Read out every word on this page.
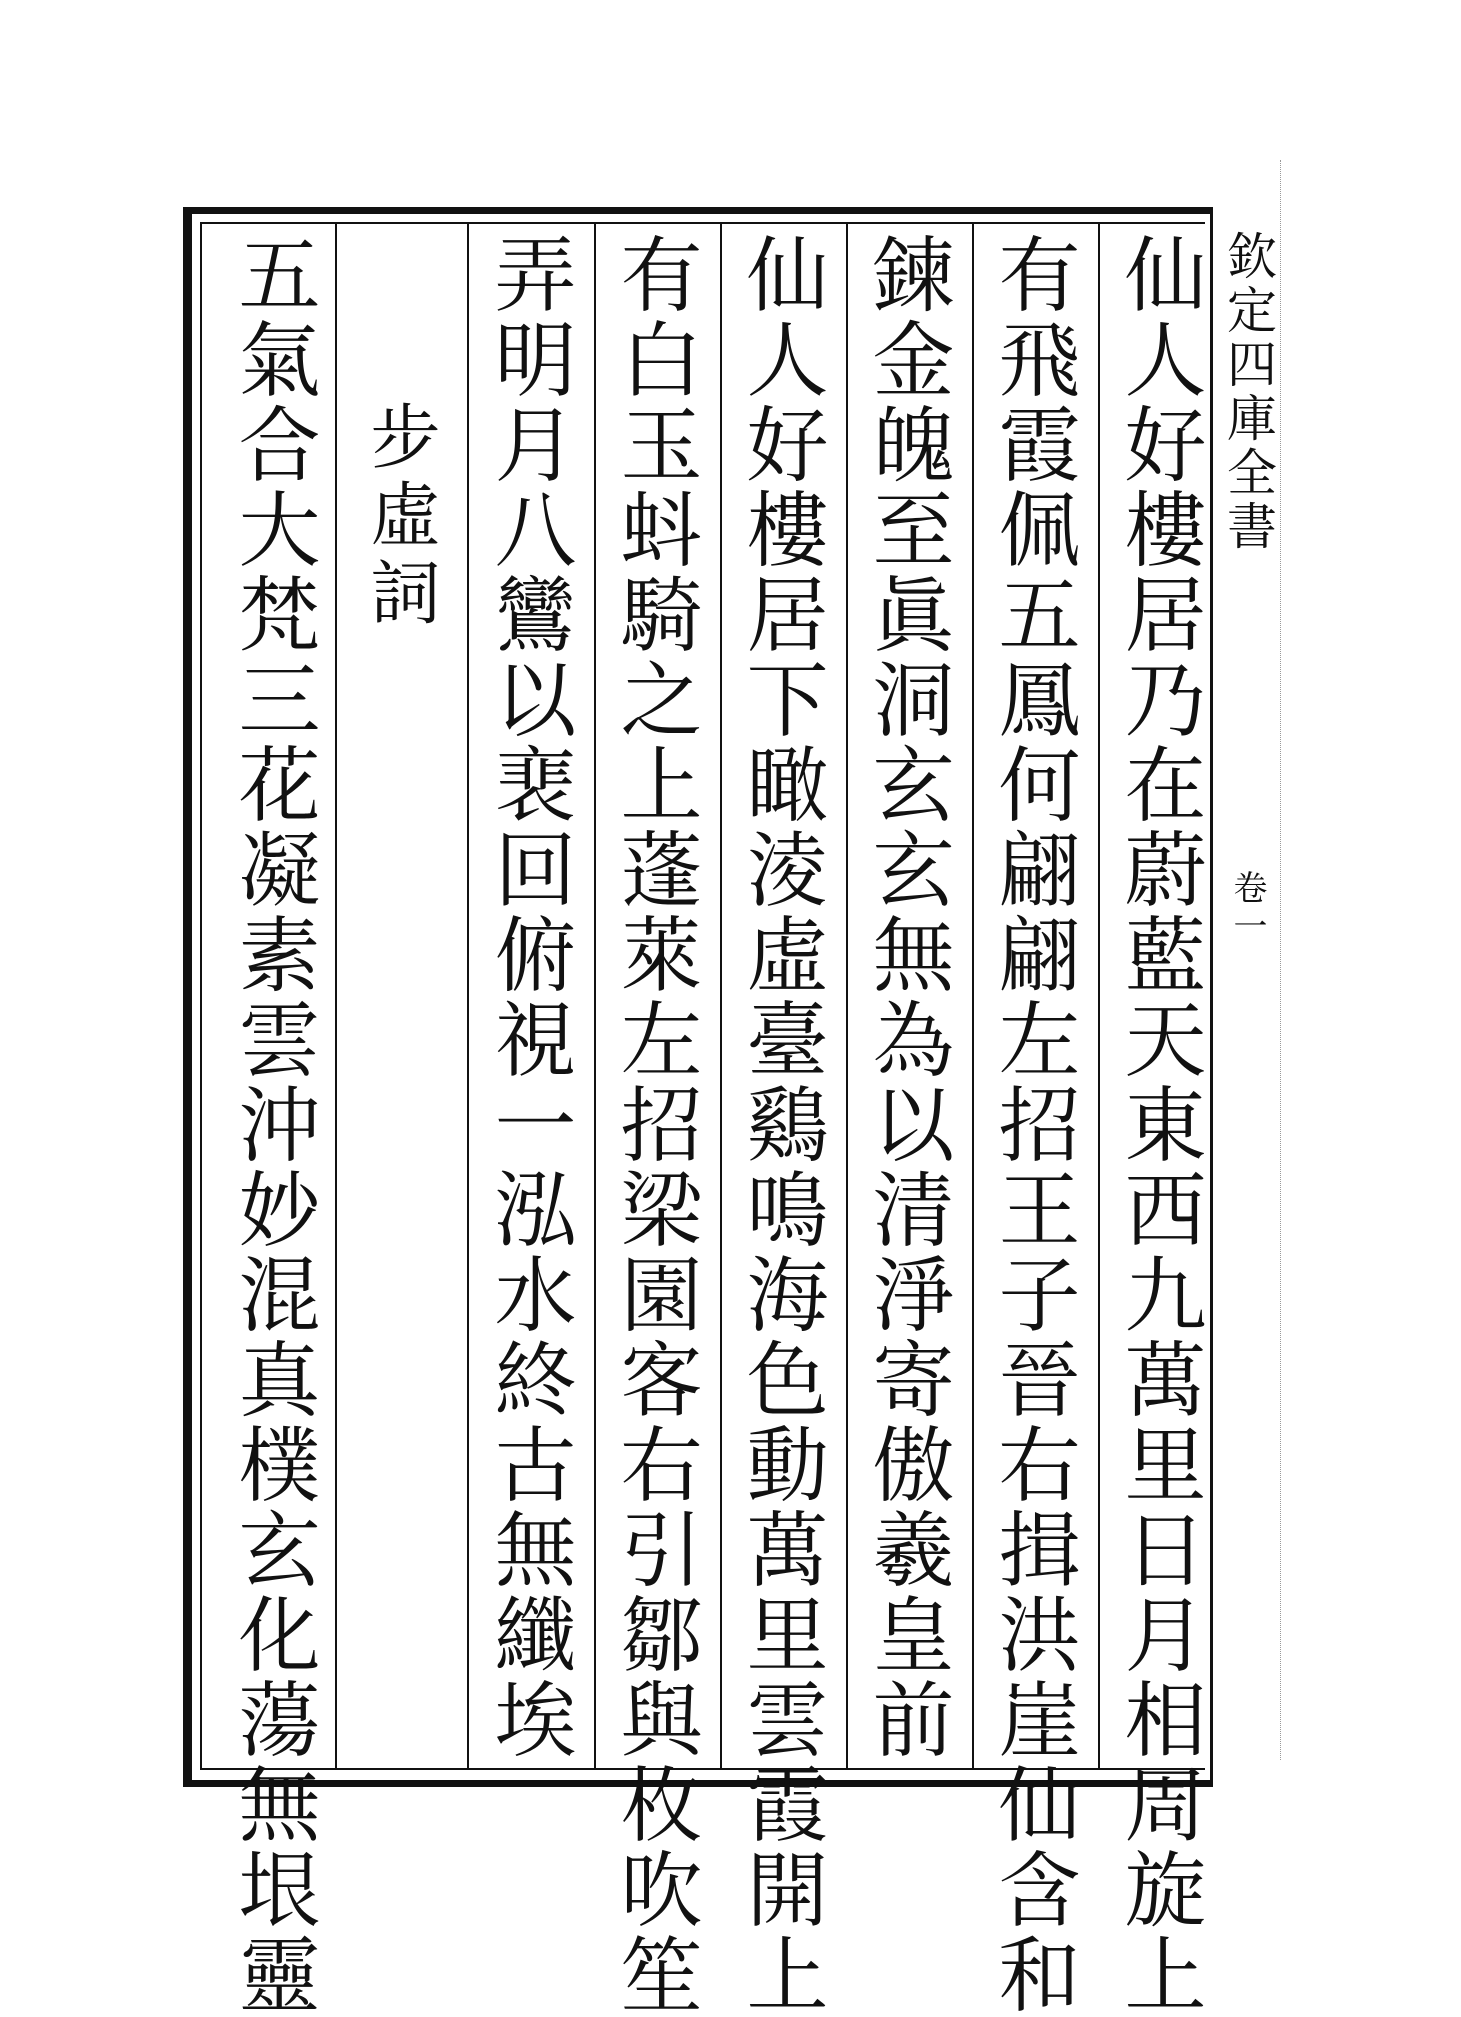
欽定四庫全書
卷一
仙人好樓居乃在蔚藍天東西九萬里日月相周旋上
有飛霞佩五鳳何翩翩左招王子晉右揖洪崖仙含和
鍊金魄至眞洞玄玄無為以清淨寄傲羲皇前
仙人好樓居下瞰淩虛臺鷄鳴海色動萬里雲霞開上
有白玉蚪騎之上蓬萊左招梁園客右引鄒與枚吹笙
弄明月八鸞以裵回俯視一泓水終古無纖埃
步虛詞
五氣合大梵三花凝素雲沖妙混真樸玄化蕩無垠靈
